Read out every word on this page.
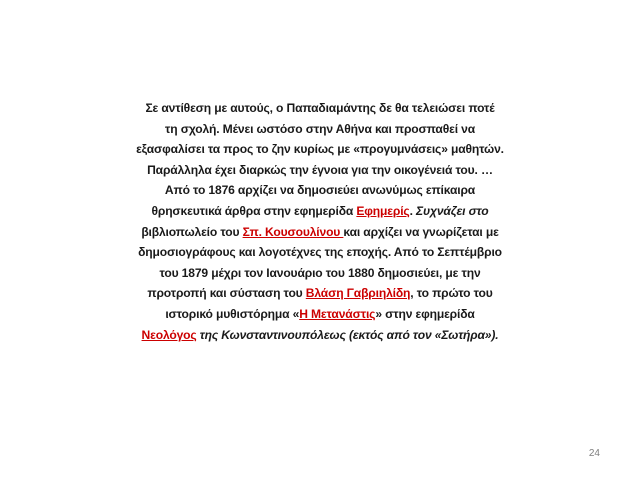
Σε αντίθεση με αυτούς, ο Παπαδιαμάντης δε θα τελειώσει ποτέ
τη σχολή. Μένει ωστόσο στην Αθήνα και προσπαθεί να
εξασφαλίσει τα προς το ζην κυρίως με «προγυμνάσεις» μαθητών.
Παράλληλα έχει διαρκώς την έγνοια για την οικογένειά του. …
Από το 1876 αρχίζει να δημοσιεύει ανωνύμως επίκαιρα
θρησκευτικά άρθρα στην εφημερίδα Εφημερίς. Συχνάζει στο
βιβλιοπωλείο του Σπ. Κουσουλίνου και αρχίζει να γνωρίζεται με
δημοσιογράφους και λογοτέχνες της εποχής. Από το Σεπτέμβριο
του 1879 μέχρι τον Ιανουάριο του 1880 δημοσιεύει, με την
προτροπή και σύσταση του Βλάση Γαβριηλίδη, το πρώτο του
ιστορικό μυθιστόρημα «Η Μετανάστις» στην εφημερίδα
Νεολόγος της Κωνσταντινουπόλεως (εκτός από τον «Σωτήρα»).
24
